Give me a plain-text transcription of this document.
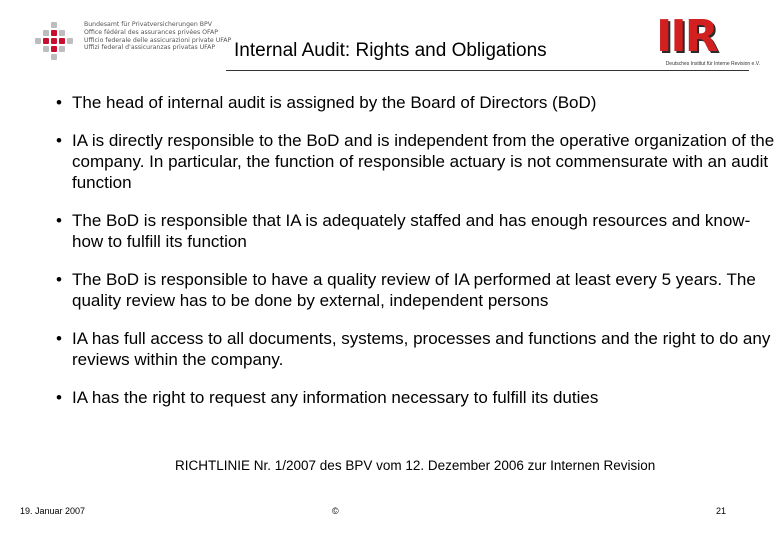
Bundesamt für Privatversicherungen BPV
Office fédéral des assurances privées OFAP
Ufficio federale delle assicurazioni private UFAP
Uffizi federal d'assicuranzas privatas UFAP Internal Audit: Rights and Obligations IIR
Deutsches Institut für Interne Revision e.V.
• The head of internal audit is assigned by the Board of Directors (BoD)
• IA is directly responsible to the BoD and is independent from the operative organization of the company. In particular, the function of responsible actuary is not commensurate with an audit function
• The BoD is responsible that IA is adequately staffed and has enough resources and know-how to fulfill its function
• The BoD is responsible to have a quality review of IA performed at least every 5 years. The quality review has to be done by external, independent persons
• IA has full access to all documents, systems, processes and functions and the right to do any reviews within the company.
• IA has the right to request any information necessary to fulfill its duties
RICHTLINIE Nr. 1/2007 des BPV vom 12. Dezember 2006 zur Internen Revision
19. Januar 2007	©	21
